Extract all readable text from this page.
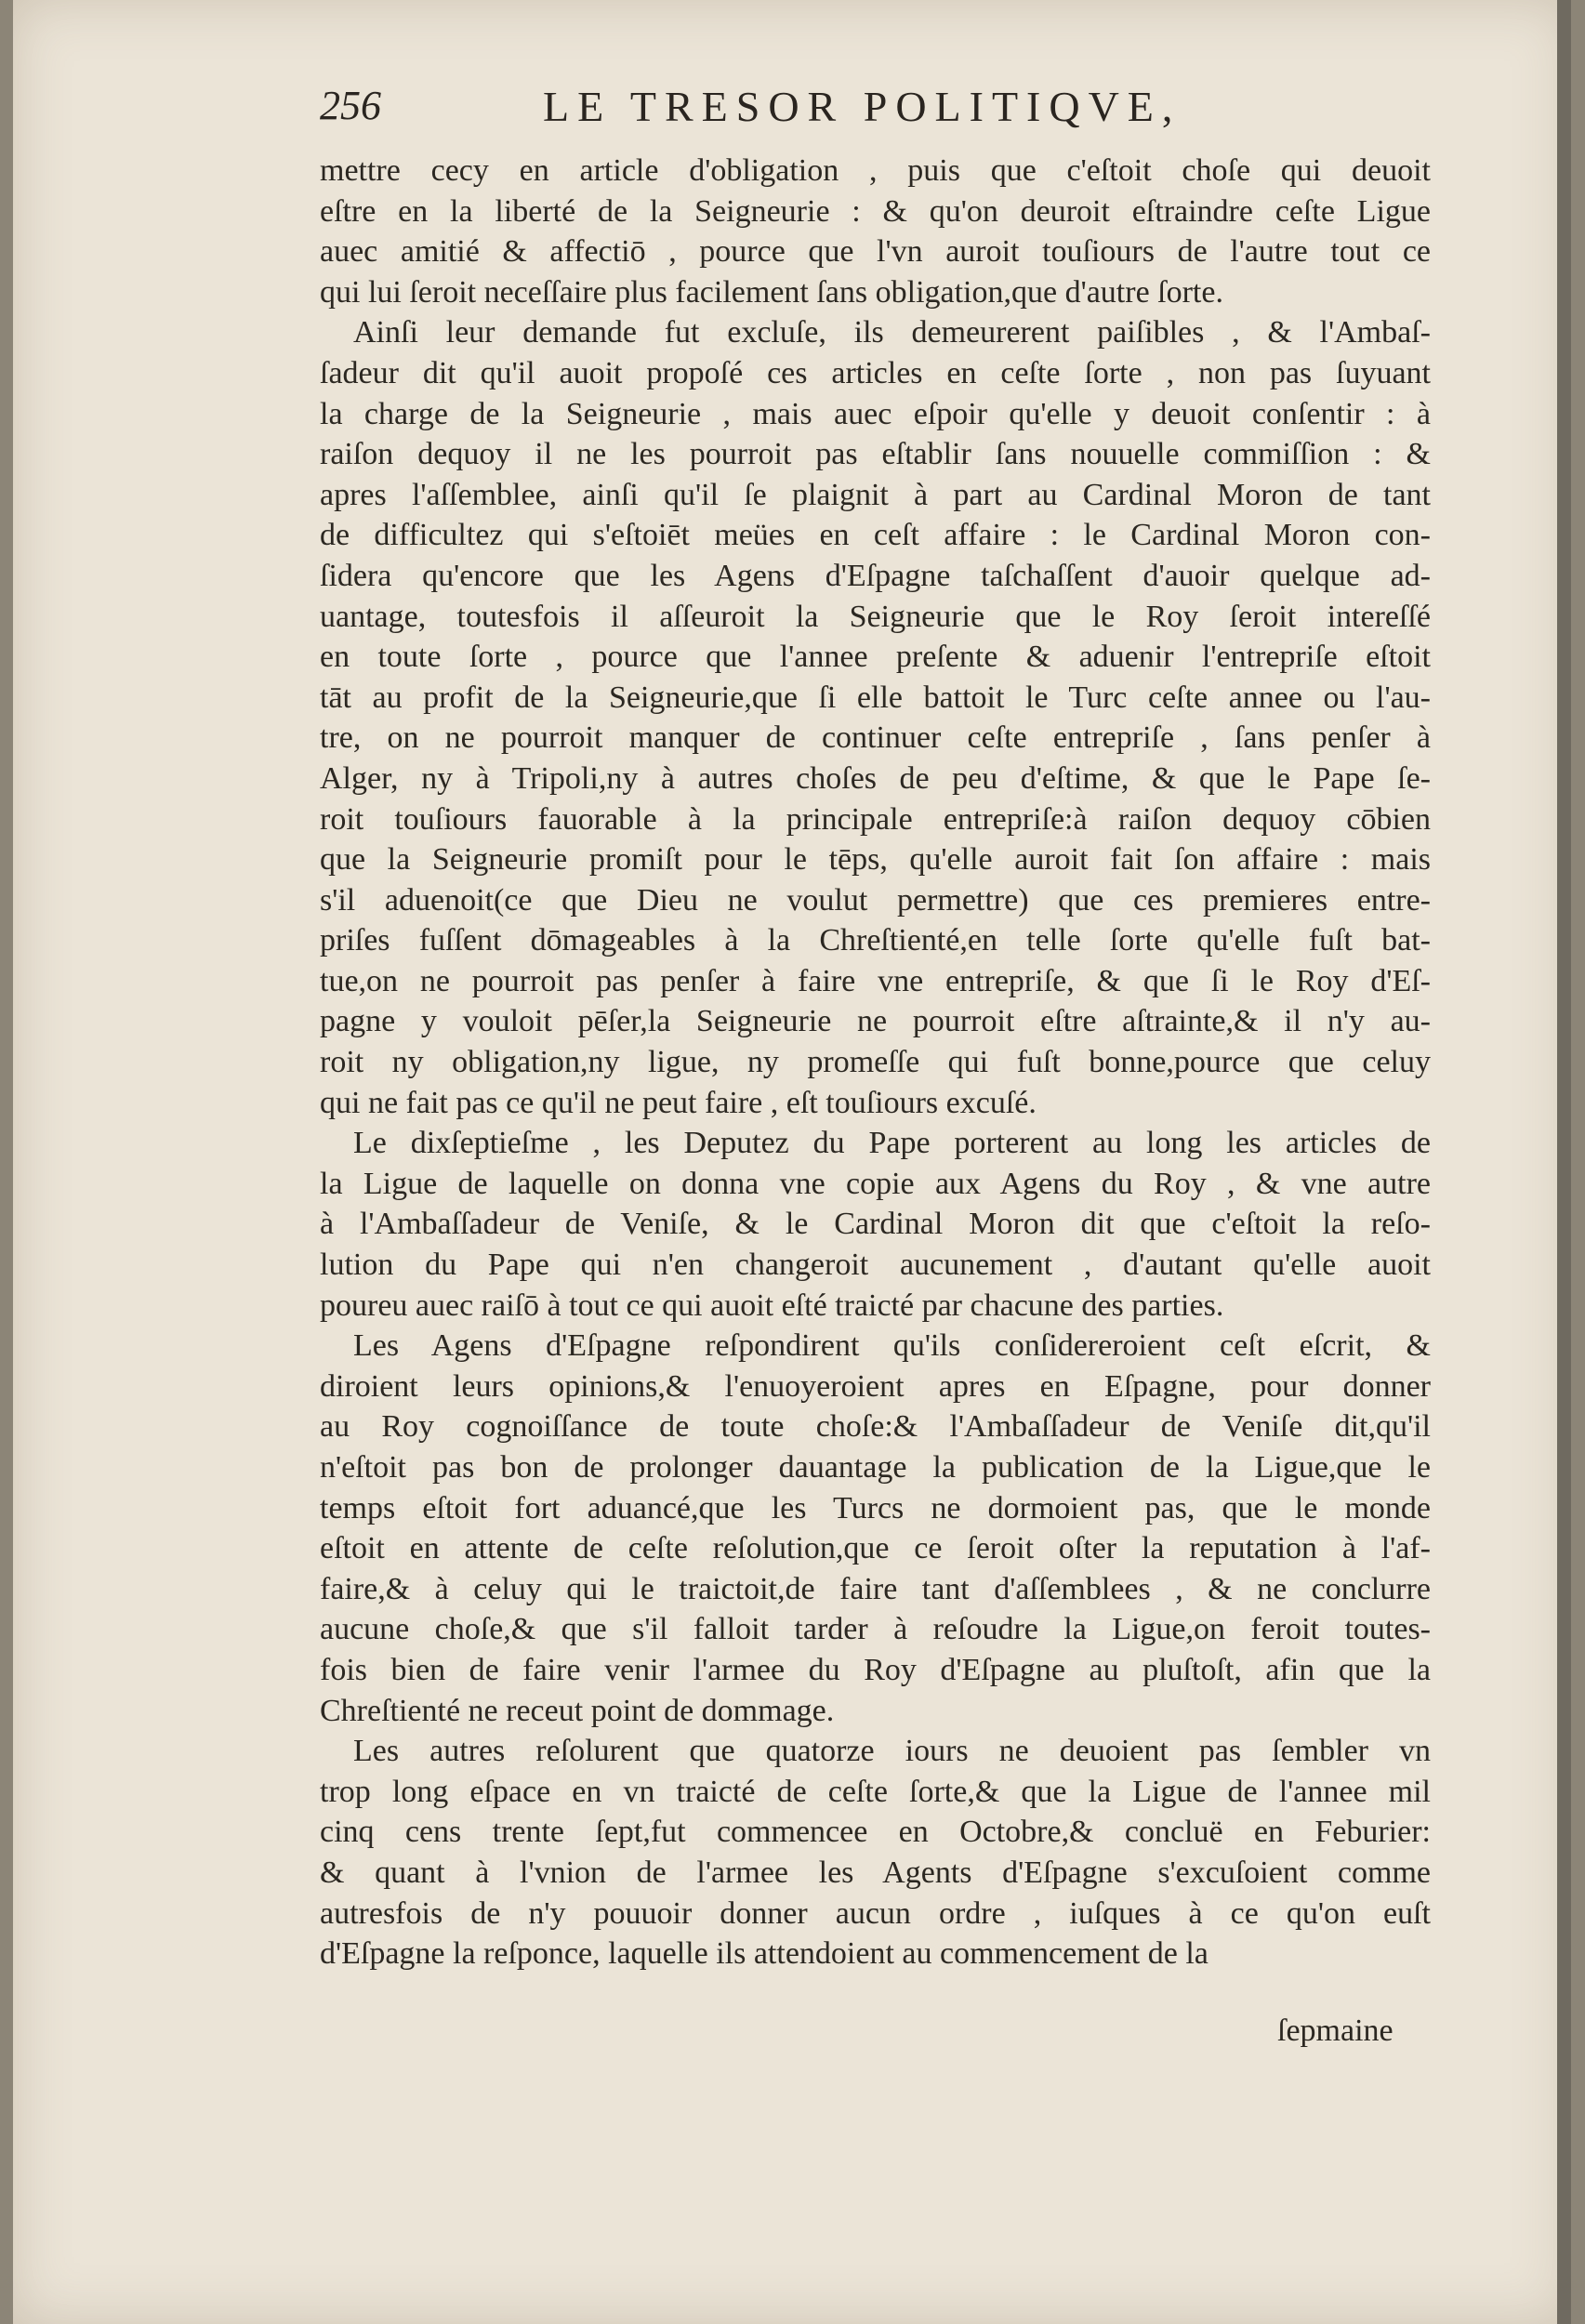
256	LE TRESOR POLITIQVE,
mettre cecy en article d'obligation , puis que c'eſtoit choſe qui deuoit
eſtre en la liberté de la Seigneurie : & qu'on deuroit eſtraindre ceſte Ligue
auec amitié & affectiō , pource que l'vn auroit touſiours de l'autre tout ce
qui lui ſeroit neceſſaire plus facilement ſans obligation,que d'autre ſorte.
Ainſi leur demande fut excluſe, ils demeurerent paiſibles , & l'Ambaſ-
ſadeur dit qu'il auoit propoſé ces articles en ceſte ſorte , non pas ſuyuant
la charge de la Seigneurie , mais auec eſpoir qu'elle y deuoit conſentir : à
raiſon dequoy il ne les pourroit pas eſtablir ſans nouuelle commiſſion : &
apres l'aſſemblee, ainſi qu'il ſe plaignit à part au Cardinal Moron de tant
de difficultez qui s'eſtoiēt meües en ceſt affaire : le Cardinal Moron con-
ſidera qu'encore que les Agens d'Eſpagne taſchaſſent d'auoir quelque ad-
uantage, toutesfois il aſſeuroit la Seigneurie que le Roy ſeroit intereſſé
en toute ſorte , pource que l'annee preſente & aduenir l'entrepriſe eſtoit
tāt au profit de la Seigneurie,que ſi elle battoit le Turc ceſte annee ou l'au-
tre, on ne pourroit manquer de continuer ceſte entrepriſe , ſans penſer à
Alger, ny à Tripoli,ny à autres choſes de peu d'eſtime, & que le Pape ſe-
roit touſiours fauorable à la principale entrepriſe:à raiſon dequoy cōbien
que la Seigneurie promiſt pour le tēps, qu'elle auroit fait ſon affaire : mais
s'il aduenoit(ce que Dieu ne voulut permettre) que ces premieres entre-
priſes fuſſent dōmageables à la Chreſtienté,en telle ſorte qu'elle fuſt bat-
tue,on ne pourroit pas penſer à faire vne entrepriſe, & que ſi le Roy d'Eſ-
pagne y vouloit pēſer,la Seigneurie ne pourroit eſtre aſtrainte,& il n'y au-
roit ny obligation,ny ligue, ny promeſſe qui fuſt bonne,pource que celuy
qui ne fait pas ce qu'il ne peut faire , eſt touſiours excuſé.
Le dixſeptieſme , les Deputez du Pape porterent au long les articles de
la Ligue de laquelle on donna vne copie aux Agens du Roy , & vne autre
à l'Ambaſſadeur de Veniſe, & le Cardinal Moron dit que c'eſtoit la reſo-
lution du Pape qui n'en changeroit aucunement , d'autant qu'elle auoit
poureu auec raiſō à tout ce qui auoit eſté traicté par chacune des parties.
Les Agens d'Eſpagne reſpondirent qu'ils conſidereroient ceſt eſcrit, &
diroient leurs opinions,& l'enuoyeroient apres en Eſpagne, pour donner
au Roy cognoiſſance de toute choſe:& l'Ambaſſadeur de Veniſe dit,qu'il
n'eſtoit pas bon de prolonger dauantage la publication de la Ligue,que le
temps eſtoit fort aduancé,que les Turcs ne dormoient pas, que le monde
eſtoit en attente de ceſte reſolution,que ce ſeroit oſter la reputation à l'af-
faire,& à celuy qui le traictoit,de faire tant d'aſſemblees , & ne conclurre
aucune choſe,& que s'il falloit tarder à reſoudre la Ligue,on feroit toutes-
fois bien de faire venir l'armee du Roy d'Eſpagne au pluſtoſt, afin que la
Chreſtienté ne receut point de dommage.
Les autres reſolurent que quatorze iours ne deuoient pas ſembler vn
trop long eſpace en vn traicté de ceſte ſorte,& que la Ligue de l'annee mil
cinq cens trente ſept,fut commencee en Octobre,& concluë en Feburier:
& quant à l'vnion de l'armee les Agents d'Eſpagne s'excuſoient comme
autresfois de n'y pouuoir donner aucun ordre , iuſques à ce qu'on euſt
d'Eſpagne la reſponce, laquelle ils attendoient au commencement de la
ſepmaine
